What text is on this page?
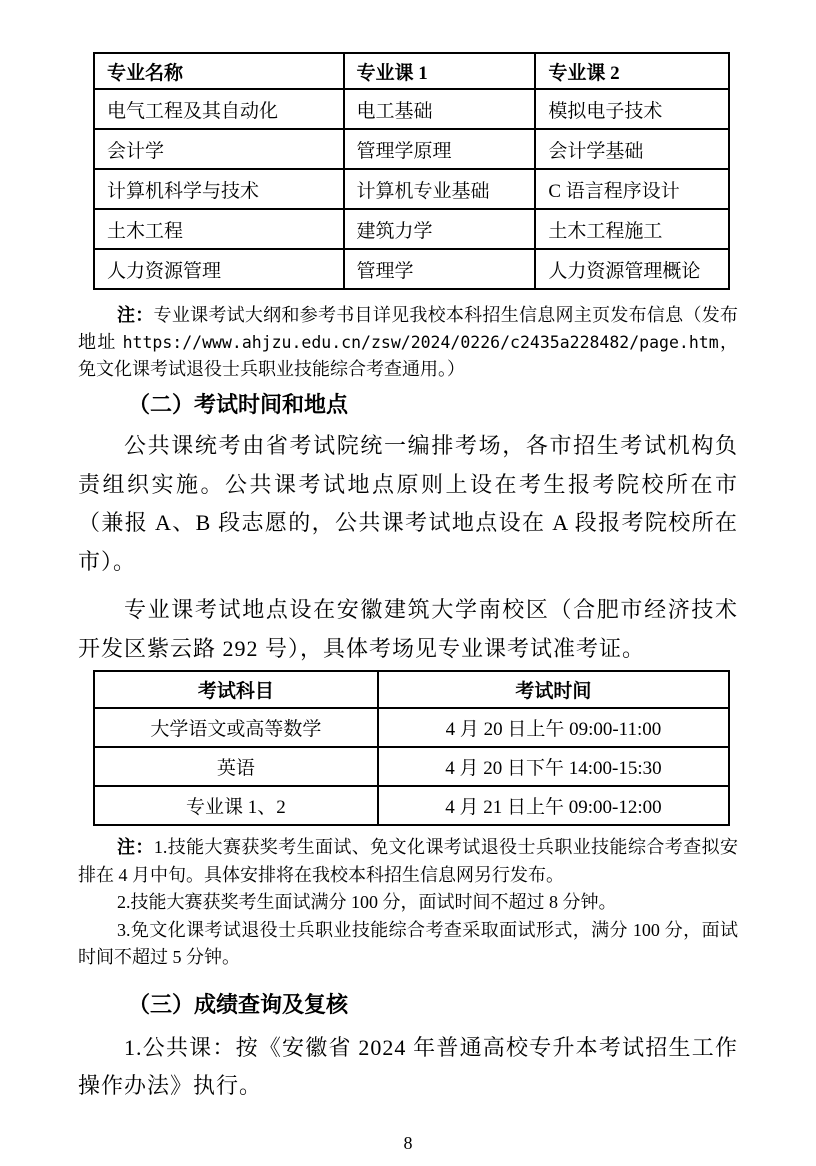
专业名称	专业课 1	专业课 2
电气工程及其自动化	电工基础	模拟电子技术
会计学	管理学原理	会计学基础
计算机科学与技术	计算机专业基础	C 语言程序设计
土木工程	建筑力学	土木工程施工
人力资源管理	管理学	人力资源管理概论

注：专业课考试大纲和参考书目详见我校本科招生信息网主页发布信息（发布地址 https://www.ahjzu.edu.cn/zsw/2024/0226/c2435a228482/page.htm，免文化课考试退役士兵职业技能综合考查通用。）

（二）考试时间和地点

公共课统考由省考试院统一编排考场，各市招生考试机构负责组织实施。公共课考试地点原则上设在考生报考院校所在市（兼报 A、B 段志愿的，公共课考试地点设在 A 段报考院校所在市）。

专业课考试地点设在安徽建筑大学南校区（合肥市经济技术开发区紫云路 292 号），具体考场见专业课考试准考证。

考试科目	考试时间
大学语文或高等数学	4 月 20 日上午 09:00-11:00
英语	4 月 20 日下午 14:00-15:30
专业课 1、2	4 月 21 日上午 09:00-12:00

注：1.技能大赛获奖考生面试、免文化课考试退役士兵职业技能综合考查拟安排在 4 月中旬。具体安排将在我校本科招生信息网另行发布。

2.技能大赛获奖考生面试满分 100 分，面试时间不超过 8 分钟。

3.免文化课考试退役士兵职业技能综合考查采取面试形式，满分 100 分，面试时间不超过 5 分钟。

（三）成绩查询及复核

1.公共课：按《安徽省 2024 年普通高校专升本考试招生工作操作办法》执行。

8
